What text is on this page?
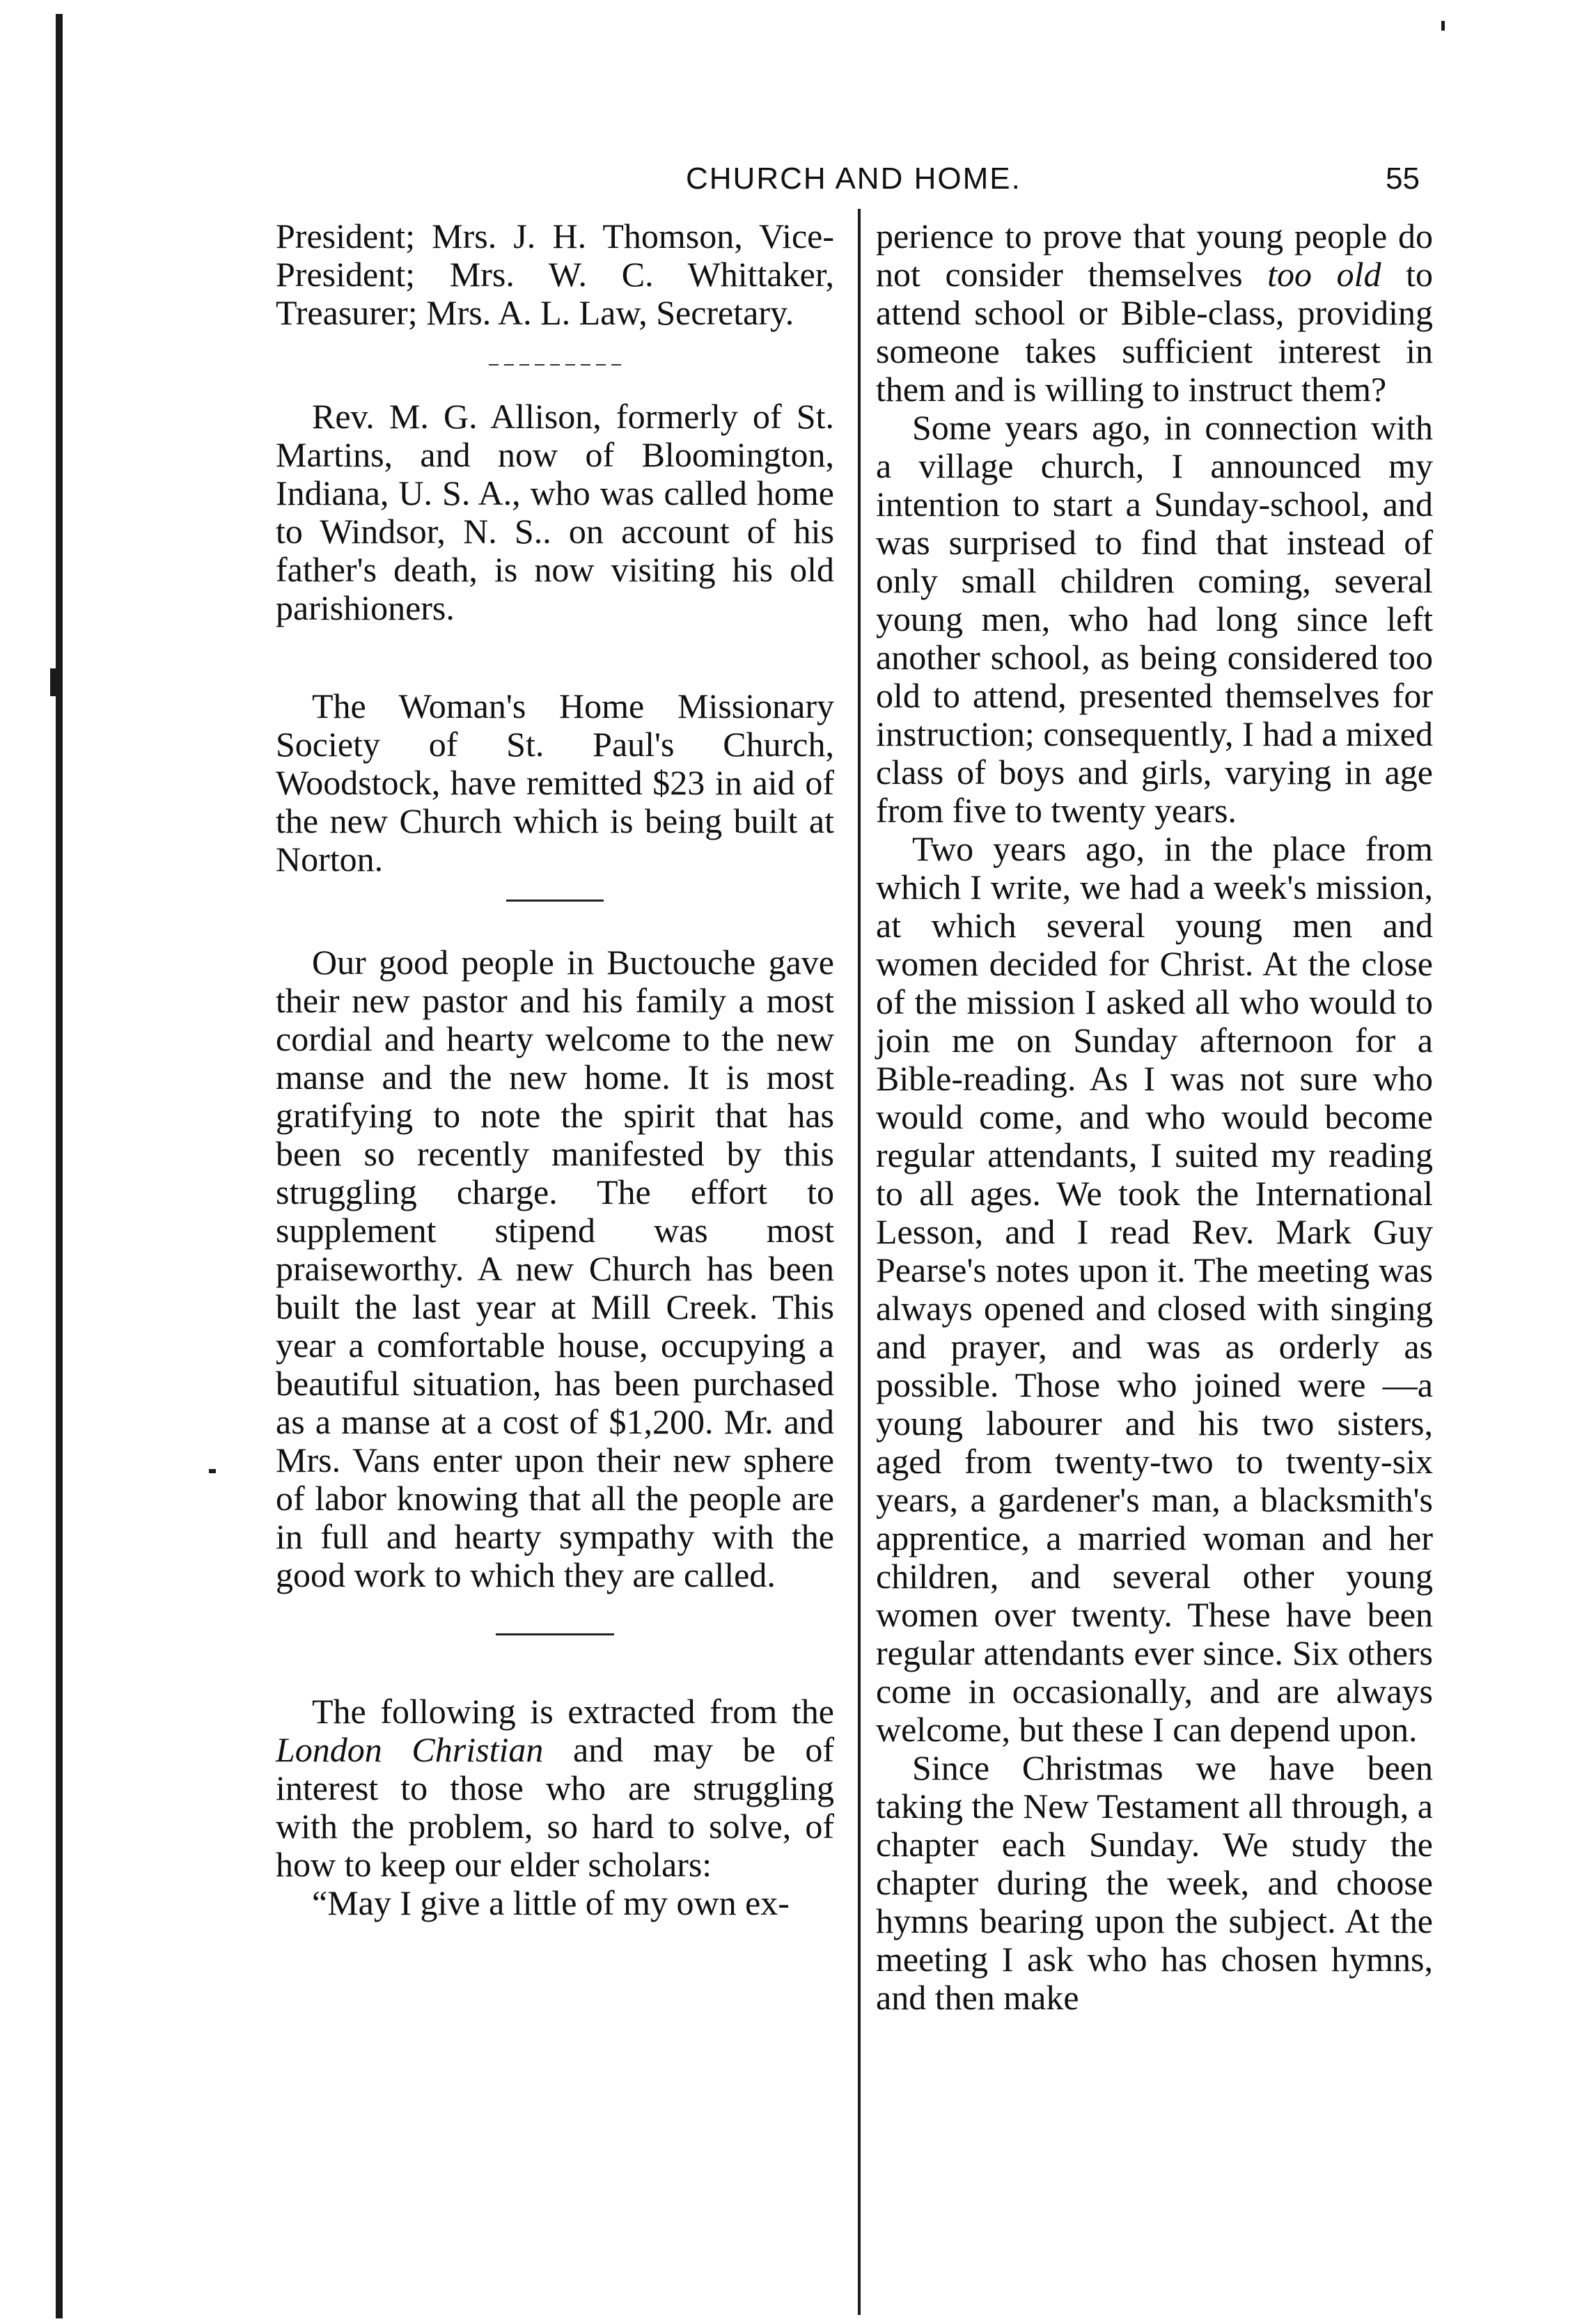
CHURCH AND HOME.	55

President; Mrs. J. H. Thomson, Vice-President; Mrs. W. C. Whittaker, Treasurer; Mrs. A. L. Law, Secretary.

Rev. M. G. Allison, formerly of St. Martins, and now of Bloomington, Indiana, U. S. A., who was called home to Windsor, N. S.. on account of his father's death, is now visiting his old parishioners.

The Woman's Home Missionary Society of St. Paul's Church, Woodstock, have remitted $23 in aid of the new Church which is being built at Norton.

Our good people in Buctouche gave their new pastor and his family a most cordial and hearty welcome to the new manse and the new home. It is most gratifying to note the spirit that has been so recently manifested by this struggling charge. The effort to supplement stipend was most praiseworthy. A new Church has been built the last year at Mill Creek. This year a comfortable house, occupying a beautiful situation, has been purchased as a manse at a cost of $1,200. Mr. and Mrs. Vans enter upon their new sphere of labor knowing that all the people are in full and hearty sympathy with the good work to which they are called.

The following is extracted from the London Christian and may be of interest to those who are struggling with the problem, so hard to solve, of how to keep our elder scholars:

“May I give a little of my own ex-

perience to prove that young people do not consider themselves too old to attend school or Bible-class, providing someone takes sufficient interest in them and is willing to instruct them?

Some years ago, in connection with a village church, I announced my intention to start a Sunday-school, and was surprised to find that instead of only small children coming, several young men, who had long since left another school, as being considered too old to attend, presented themselves for instruction; consequently, I had a mixed class of boys and girls, varying in age from five to twenty years.

Two years ago, in the place from which I write, we had a week's mission, at which several young men and women decided for Christ. At the close of the mission I asked all who would to join me on Sunday afternoon for a Bible-reading. As I was not sure who would come, and who would become regular attendants, I suited my reading to all ages. We took the International Lesson, and I read Rev. Mark Guy Pearse's notes upon it. The meeting was always opened and closed with singing and prayer, and was as orderly as possible. Those who joined were —a young labourer and his two sisters, aged from twenty-two to twenty-six years, a gardener's man, a blacksmith's apprentice, a married woman and her children, and several other young women over twenty. These have been regular attendants ever since. Six others come in occasionally, and are always welcome, but these I can depend upon.

Since Christmas we have been taking the New Testament all through, a chapter each Sunday. We study the chapter during the week, and choose hymns bearing upon the subject. At the meeting I ask who has chosen hymns, and then make
